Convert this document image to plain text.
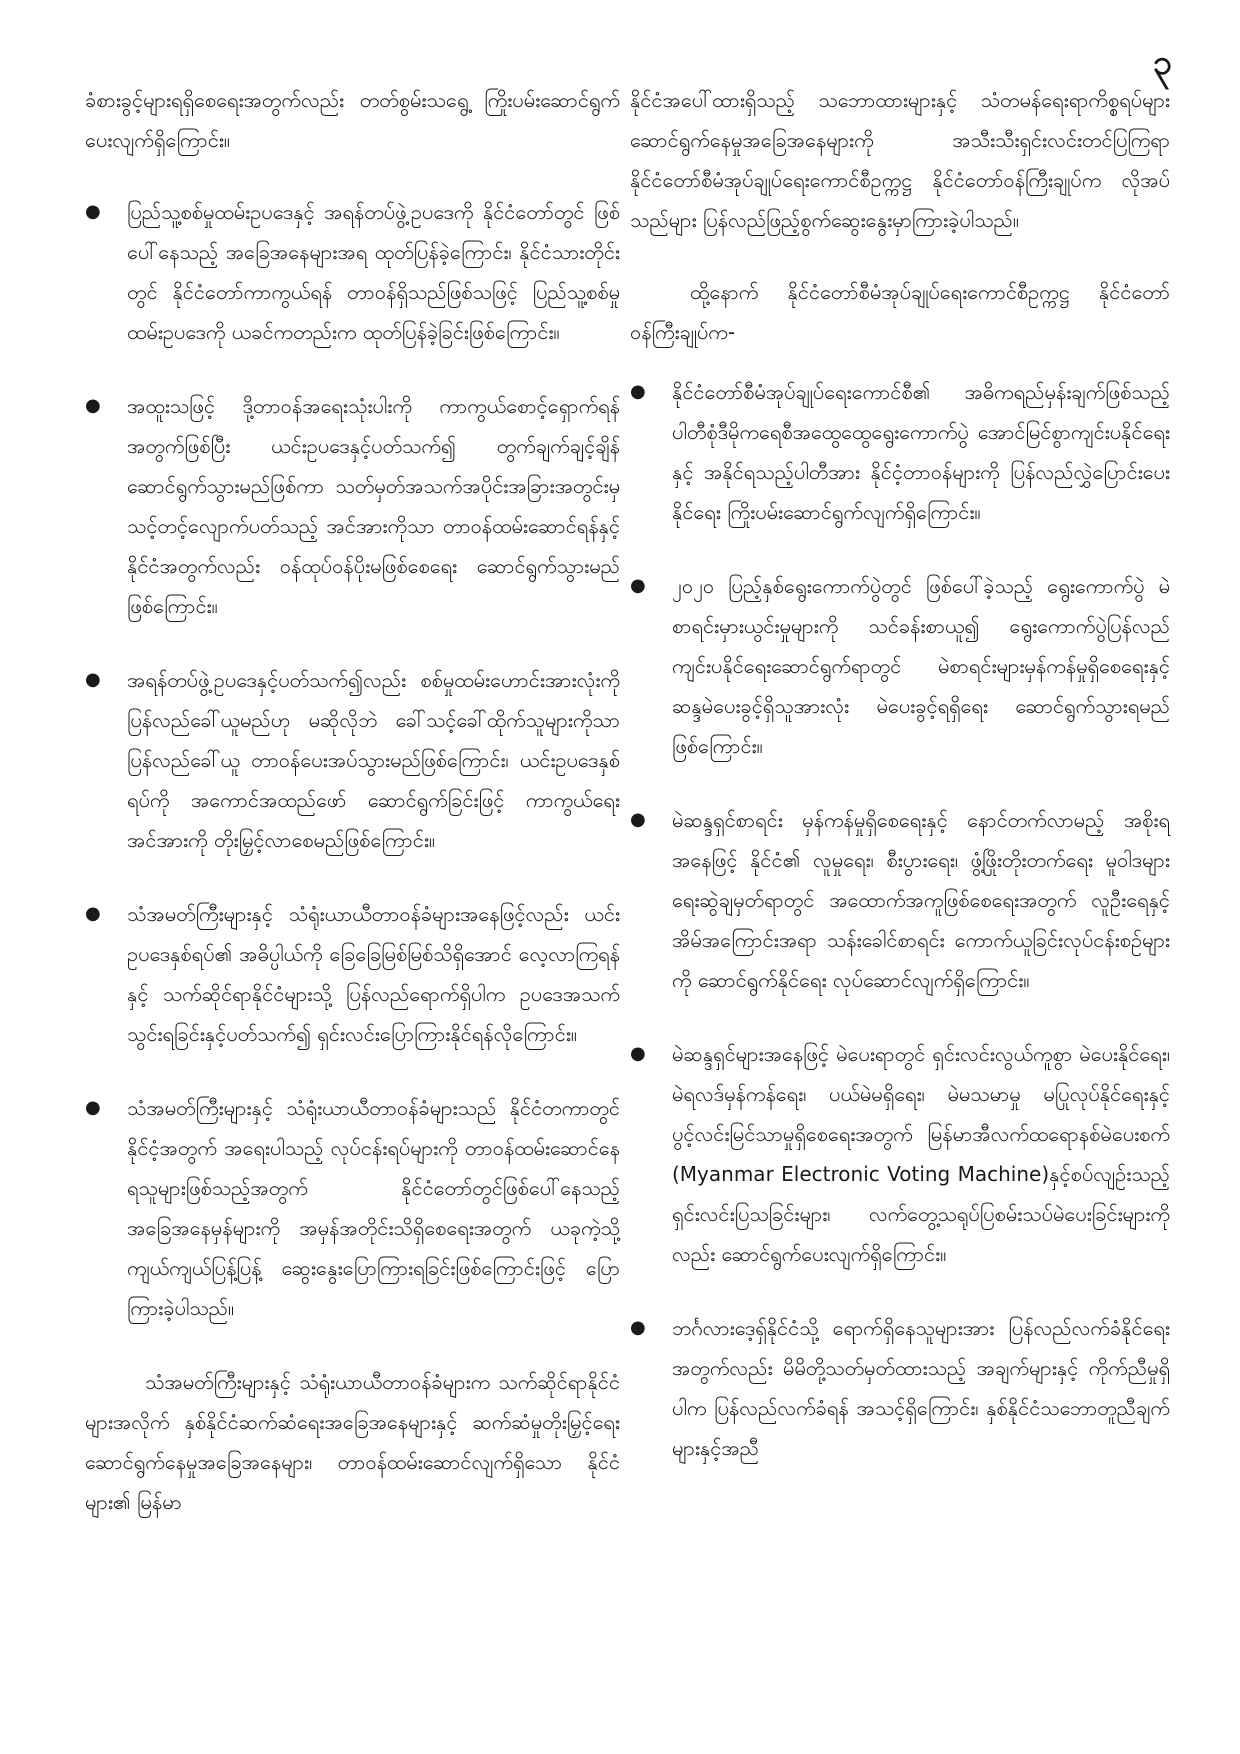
၃

ခံစားခွင့်များရရှိစေရေးအတွက်လည်း တတ်စွမ်းသရွေ့ ကြိုးပမ်းဆောင်ရွက်ပေးလျက်ရှိကြောင်း။

● ပြည်သူ့စစ်မှုထမ်းဥပဒေနှင့် အရန်တပ်ဖွဲ့ဥပဒေကို နိုင်ငံတော်တွင် ဖြစ်ပေါ်နေသည့် အခြေအနေများအရ ထုတ်ပြန်ခဲ့ကြောင်း၊ နိုင်ငံသားတိုင်းတွင် နိုင်ငံတော်ကာကွယ်ရန် တာဝန်ရှိသည်ဖြစ်သဖြင့် ပြည်သူ့စစ်မှုထမ်းဥပဒေကို ယခင်ကတည်းက ထုတ်ပြန်ခဲ့ခြင်းဖြစ်ကြောင်း။
● အထူးသဖြင့် ဒို့တာဝန်အရေးသုံးပါးကို ကာကွယ်စောင့်ရှောက်ရန်အတွက်ဖြစ်ပြီး ယင်းဥပဒေနှင့်ပတ်သက်၍ တွက်ချက်ချင့်ချိန် ဆောင်ရွက်သွားမည်ဖြစ်ကာ သတ်မှတ်အသက်အပိုင်းအခြားအတွင်းမှ သင့်တင့်လျောက်ပတ်သည့် အင်အားကိုသာ တာဝန်ထမ်းဆောင်ရန်နှင့် နိုင်ငံအတွက်လည်း ဝန်ထုပ်ဝန်ပိုးမဖြစ်စေရေး ဆောင်ရွက်သွားမည်ဖြစ်ကြောင်း။
● အရန်တပ်ဖွဲ့ဥပဒေနှင့်ပတ်သက်၍လည်း စစ်မှုထမ်းဟောင်းအားလုံးကို ပြန်လည်ခေါ်ယူမည်ဟု မဆိုလိုဘဲ ခေါ်သင့်ခေါ်ထိုက်သူများကိုသာ ပြန်လည်ခေါ်ယူ တာဝန်ပေးအပ်သွားမည်ဖြစ်ကြောင်း၊ ယင်းဥပဒေနှစ်ရပ်ကို အကောင်အထည်ဖော် ဆောင်ရွက်ခြင်းဖြင့် ကာကွယ်ရေးအင်အားကို တိုးမြှင့်လာစေမည်ဖြစ်ကြောင်း။
● သံအမတ်ကြီးများနှင့် သံရုံးယာယီတာဝန်ခံများအနေဖြင့်လည်း ယင်းဥပဒေနှစ်ရပ်၏ အဓိပ္ပါယ်ကို ခြေခြေမြစ်မြစ်သိရှိအောင် လေ့လာကြရန်နှင့် သက်ဆိုင်ရာနိုင်ငံများသို့ ပြန်လည်ရောက်ရှိပါက ဥပဒေအသက်သွင်းရခြင်းနှင့်ပတ်သက်၍ ရှင်းလင်းပြောကြားနိုင်ရန်လိုကြောင်း။
● သံအမတ်ကြီးများနှင့် သံရုံးယာယီတာဝန်ခံများသည် နိုင်ငံတကာတွင် နိုင်ငံ့အတွက် အရေးပါသည့် လုပ်ငန်းရပ်များကို တာဝန်ထမ်းဆောင်နေရသူများဖြစ်သည့်အတွက် နိုင်ငံတော်တွင်ဖြစ်ပေါ်နေသည့် အခြေအနေမှန်များကို အမှန်အတိုင်းသိရှိစေရေးအတွက် ယခုကဲ့သို့ ကျယ်ကျယ်ပြန့်ပြန့် ဆွေးနွေးပြောကြားရခြင်းဖြစ်ကြောင်းဖြင့် ပြောကြားခဲ့ပါသည်။

သံအမတ်ကြီးများနှင့် သံရုံးယာယီတာဝန်ခံများက သက်ဆိုင်ရာနိုင်ငံများအလိုက် နှစ်နိုင်ငံဆက်ဆံရေးအခြေအနေများနှင့် ဆက်ဆံမှုတိုးမြှင့်ရေး ဆောင်ရွက်နေမှုအခြေအနေများ၊ တာဝန်ထမ်းဆောင်လျက်ရှိသော နိုင်ငံများ၏ မြန်မာ

နိုင်ငံအပေါ်ထားရှိသည့် သဘောထားများနှင့် သံတမန်ရေးရာကိစ္စရပ်များ ဆောင်ရွက်နေမှုအခြေအနေများကို အသီးသီးရှင်းလင်းတင်ပြကြရာ နိုင်ငံတော်စီမံအုပ်ချုပ်ရေးကောင်စီဥက္ကဋ္ဌ နိုင်ငံတော်ဝန်ကြီးချုပ်က လိုအပ်သည်များ ပြန်လည်ဖြည့်စွက်ဆွေးနွေးမှာကြားခဲ့ပါသည်။

ထို့နောက် နိုင်ငံတော်စီမံအုပ်ချုပ်ရေးကောင်စီဥက္ကဋ္ဌ နိုင်ငံတော်ဝန်ကြီးချုပ်က-

● နိုင်ငံတော်စီမံအုပ်ချုပ်ရေးကောင်စီ၏ အဓိကရည်မှန်းချက်ဖြစ်သည့် ပါတီစုံဒီမိုကရေစီအထွေထွေရွေးကောက်ပွဲ အောင်မြင်စွာကျင်းပနိုင်ရေးနှင့် အနိုင်ရသည့်ပါတီအား နိုင်ငံ့တာဝန်များကို ပြန်လည်လွှဲပြောင်းပေးနိုင်ရေး ကြိုးပမ်းဆောင်ရွက်လျက်ရှိကြောင်း။
● ၂၀၂၀ ပြည့်နှစ်ရွေးကောက်ပွဲတွင် ဖြစ်ပေါ်ခဲ့သည့် ရွေးကောက်ပွဲ မဲစာရင်းမှားယွင်းမှုများကို သင်ခန်းစာယူ၍ ရွေးကောက်ပွဲပြန်လည်ကျင်းပနိုင်ရေးဆောင်ရွက်ရာတွင် မဲစာရင်းများမှန်ကန်မှုရှိစေရေးနှင့် ဆန္ဒမဲပေးခွင့်ရှိသူအားလုံး မဲပေးခွင့်ရရှိရေး ဆောင်ရွက်သွားရမည်ဖြစ်ကြောင်း။
● မဲဆန္ဒရှင်စာရင်း မှန်ကန်မှုရှိစေရေးနှင့် နောင်တက်လာမည့် အစိုးရအနေဖြင့် နိုင်ငံ၏ လူမှုရေး၊ စီးပွားရေး၊ ဖွံ့ဖြိုးတိုးတက်ရေး မူဝါဒများရေးဆွဲချမှတ်ရာတွင် အထောက်အကူဖြစ်စေရေးအတွက် လူဦးရေနှင့် အိမ်အကြောင်းအရာ သန်းခေါင်စာရင်း ကောက်ယူခြင်းလုပ်ငန်းစဉ်များကို ဆောင်ရွက်နိုင်ရေး လုပ်ဆောင်လျက်ရှိကြောင်း။
● မဲဆန္ဒရှင်များအနေဖြင့် မဲပေးရာတွင် ရှင်းလင်းလွယ်ကူစွာ မဲပေးနိုင်ရေး၊ မဲရလဒ်မှန်ကန်ရေး၊ ပယ်မဲမရှိရေး၊ မဲမသမာမှု မပြုလုပ်နိုင်ရေးနှင့် ပွင့်လင်းမြင်သာမှုရှိစေရေးအတွက် မြန်မာအီလက်ထရောနစ်မဲပေးစက် (Myanmar Electronic Voting Machine)နှင့်စပ်လျဉ်းသည့် ရှင်းလင်းပြသခြင်းများ၊ လက်တွေ့သရုပ်ပြစမ်းသပ်မဲပေးခြင်းများကိုလည်း ဆောင်ရွက်ပေးလျက်ရှိကြောင်း။
● ဘင်္ဂလားဒေ့ရှ်နိုင်ငံသို့ ရောက်ရှိနေသူများအား ပြန်လည်လက်ခံနိုင်ရေးအတွက်လည်း မိမိတို့သတ်မှတ်ထားသည့် အချက်များနှင့် ကိုက်ညီမှုရှိပါက ပြန်လည်လက်ခံရန် အသင့်ရှိကြောင်း၊ နှစ်နိုင်ငံသဘောတူညီချက်များနှင့်အညီ
